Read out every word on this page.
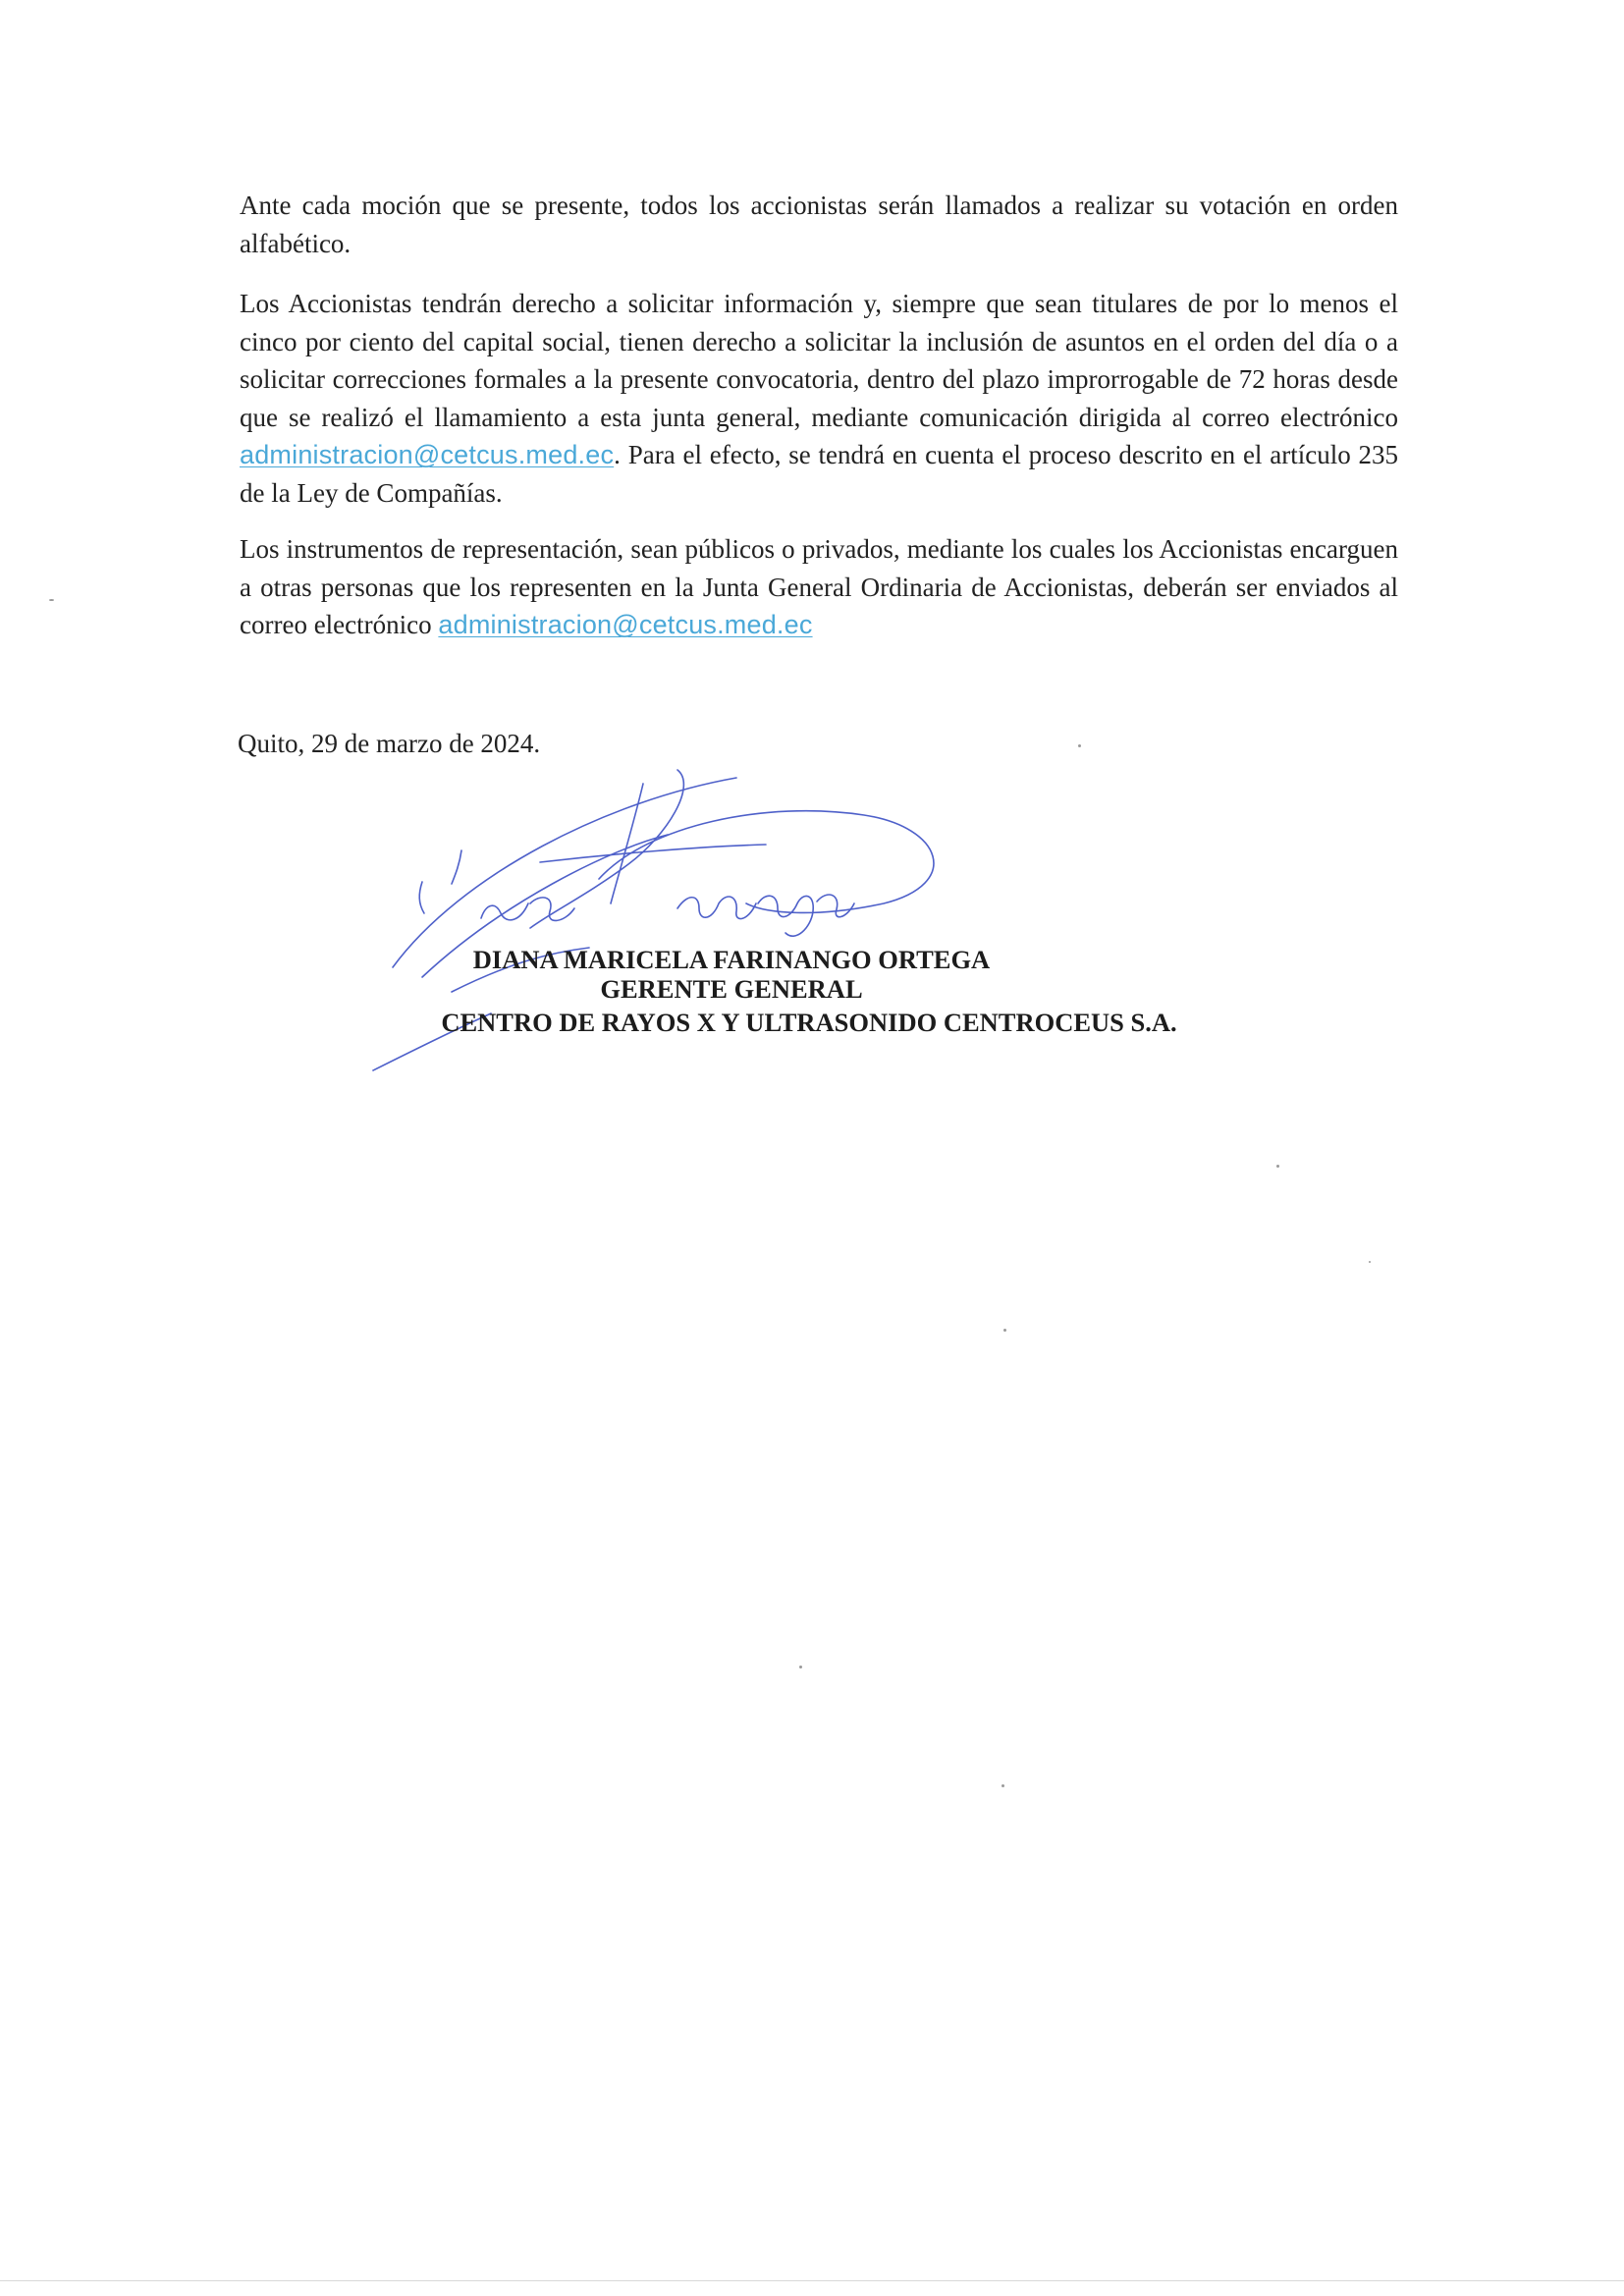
Ante cada moción que se presente, todos los accionistas serán llamados a realizar su votación en orden alfabético.

Los Accionistas tendrán derecho a solicitar información y, siempre que sean titulares de por lo menos el cinco por ciento del capital social, tienen derecho a solicitar la inclusión de asuntos en el orden del día o a solicitar correcciones formales a la presente convocatoria, dentro del plazo improrrogable de 72 horas desde que se realizó el llamamiento a esta junta general, mediante comunicación dirigida al correo electrónico administracion@cetcus.med.ec. Para el efecto, se tendrá en cuenta el proceso descrito en el artículo 235 de la Ley de Compañías.

Los instrumentos de representación, sean públicos o privados, mediante los cuales los Accionistas encarguen a otras personas que los representen en la Junta General Ordinaria de Accionistas, deberán ser enviados al correo electrónico administracion@cetcus.med.ec

Quito, 29 de marzo de 2024.

DIANA MARICELA FARINANGO ORTEGA

GERENTE GENERAL

CENTRO DE RAYOS X Y ULTRASONIDO CENTROCEUS S.A.
